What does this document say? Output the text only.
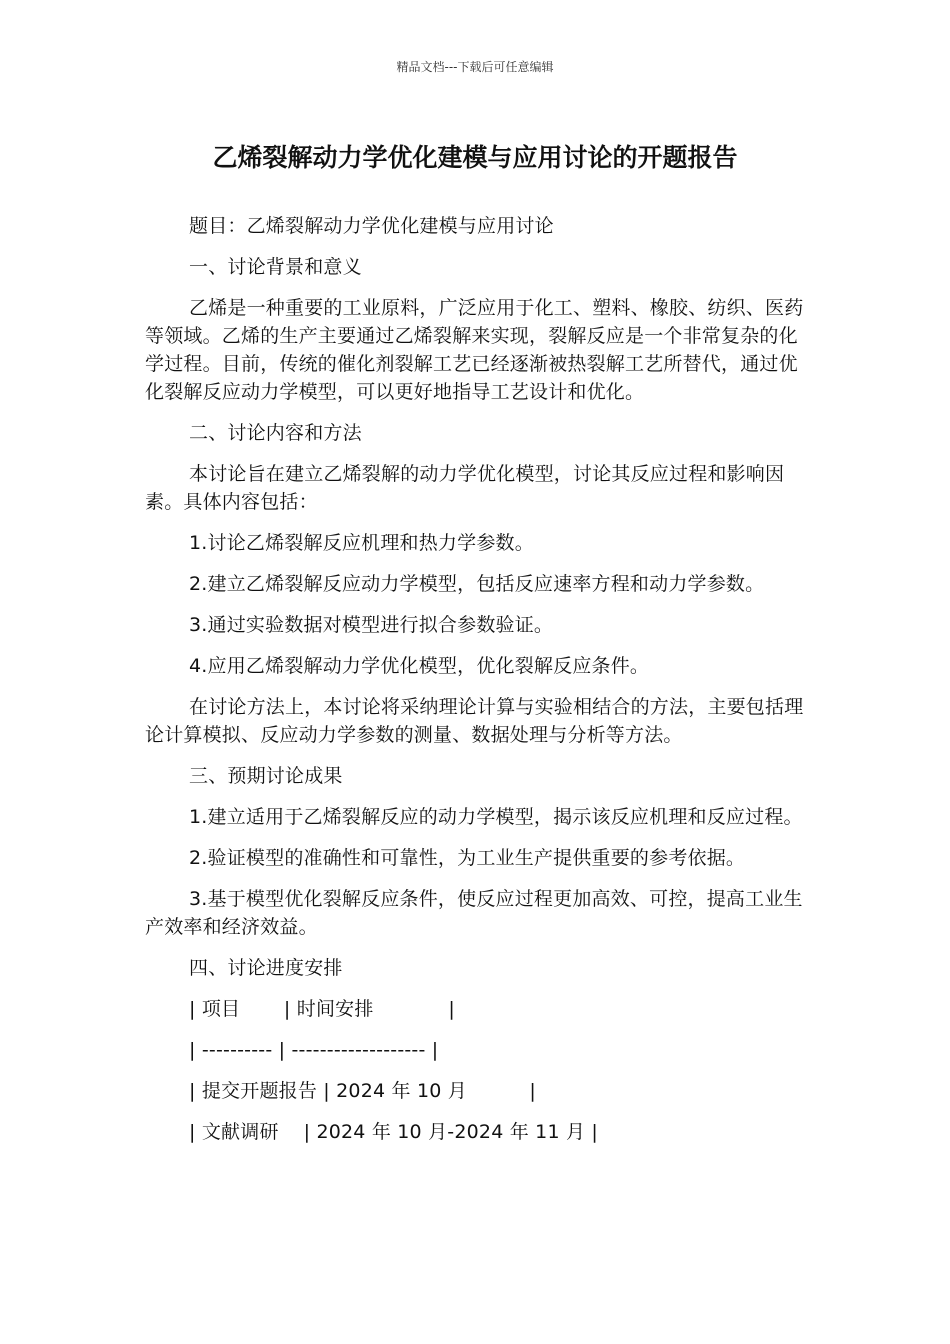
精品文档---下载后可任意编辑
乙烯裂解动力学优化建模与应用讨论的开题报告

题目：乙烯裂解动力学优化建模与应用讨论

一、讨论背景和意义

乙烯是一种重要的工业原料，广泛应用于化工、塑料、橡胶、纺织、医药等领域。乙烯的生产主要通过乙烯裂解来实现，裂解反应是一个非常复杂的化学过程。目前，传统的催化剂裂解工艺已经逐渐被热裂解工艺所替代，通过优化裂解反应动力学模型，可以更好地指导工艺设计和优化。

二、讨论内容和方法

本讨论旨在建立乙烯裂解的动力学优化模型，讨论其反应过程和影响因素。具体内容包括：

1.讨论乙烯裂解反应机理和热力学参数。

2.建立乙烯裂解反应动力学模型，包括反应速率方程和动力学参数。

3.通过实验数据对模型进行拟合参数验证。

4.应用乙烯裂解动力学优化模型，优化裂解反应条件。

在讨论方法上，本讨论将采纳理论计算与实验相结合的方法，主要包括理论计算模拟、反应动力学参数的测量、数据处理与分析等方法。

三、预期讨论成果

1.建立适用于乙烯裂解反应的动力学模型，揭示该反应机理和反应过程。

2.验证模型的准确性和可靠性，为工业生产提供重要的参考依据。

3.基于模型优化裂解反应条件，使反应过程更加高效、可控，提高工业生产效率和经济效益。

四、讨论进度安排

| 项目       | 时间安排            |

| ---------- | ------------------- |

| 提交开题报告 | 2024 年 10 月          |

| 文献调研    | 2024 年 10 月-2024 年 11 月 |
